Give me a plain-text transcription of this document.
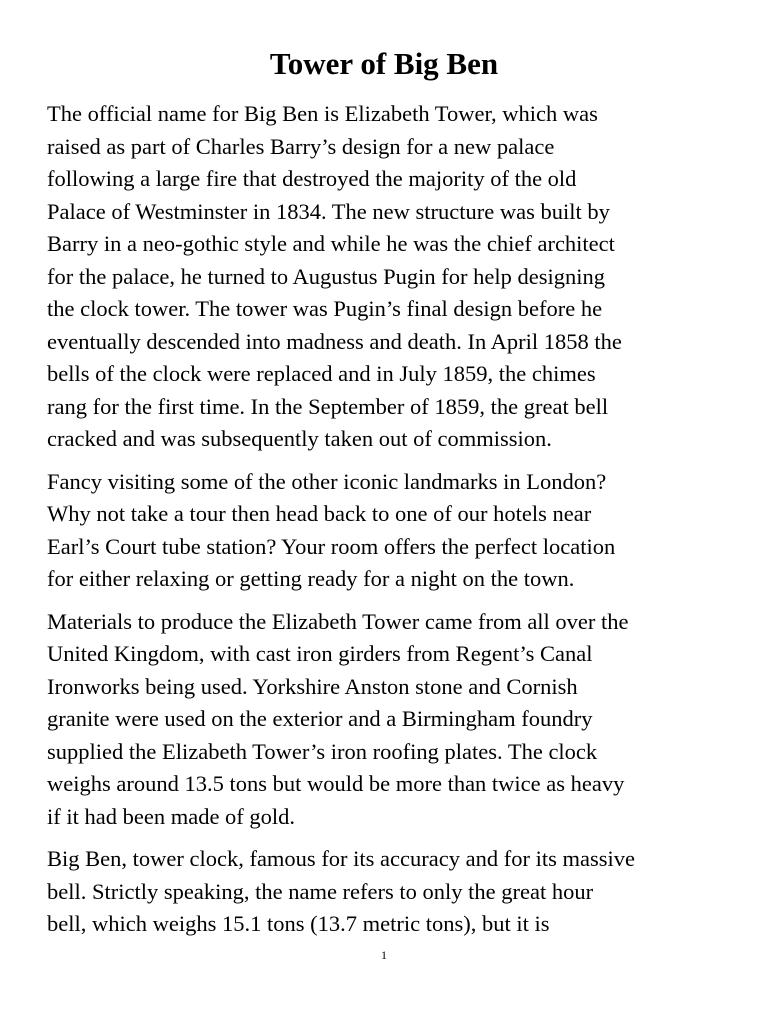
Tower of Big Ben

The official name for Big Ben is Elizabeth Tower, which was
raised as part of Charles Barry’s design for a new palace
following a large fire that destroyed the majority of the old
Palace of Westminster in 1834. The new structure was built by
Barry in a neo-gothic style and while he was the chief architect
for the palace, he turned to Augustus Pugin for help designing
the clock tower. The tower was Pugin’s final design before he
eventually descended into madness and death. In April 1858 the
bells of the clock were replaced and in July 1859, the chimes
rang for the first time. In the September of 1859, the great bell
cracked and was subsequently taken out of commission.

Fancy visiting some of the other iconic landmarks in London?
Why not take a tour then head back to one of our hotels near
Earl’s Court tube station? Your room offers the perfect location
for either relaxing or getting ready for a night on the town.

Materials to produce the Elizabeth Tower came from all over the
United Kingdom, with cast iron girders from Regent’s Canal
Ironworks being used. Yorkshire Anston stone and Cornish
granite were used on the exterior and a Birmingham foundry
supplied the Elizabeth Tower’s iron roofing plates. The clock
weighs around 13.5 tons but would be more than twice as heavy
if it had been made of gold.

Big Ben, tower clock, famous for its accuracy and for its massive
bell. Strictly speaking, the name refers to only the great hour
bell, which weighs 15.1 tons (13.7 metric tons), but it is

1
